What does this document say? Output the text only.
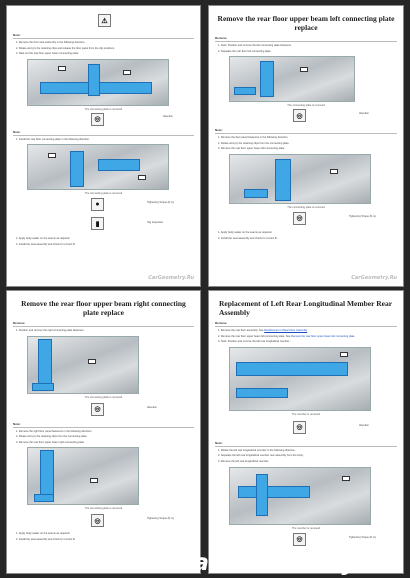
⚠
Note:
1. Remove the front seat assembly in the following direction.
2. Rotate and pry the retaining clips and release the floor panel from the clip positions.
3. Take out the rear floor upper beam connecting plate.
The connecting plate is removed
◎	Attention
Note:
1. Install the rear floor connecting plate in the following direction.
The connecting plate is removed
●	Tightening Torque (N·m)
▮	Tag Inspection
1. Apply body sealer on the seams as required.
2. Install the seat assembly and check for correct fit.
CarGeometry.Ru
Remove the rear floor upper beam left connecting plate replace
Remove
1. Start: Position and remove the left connecting plate fasteners.
2. Separate the rear floor left connecting plate.
The connecting plate is removed
◎	Attention
Note:
1. Remove the floor panel fasteners in the following direction.
2. Rotate and pry the retaining clips from the connecting plate.
3. Remove the rear floor upper beam left connecting plate.
The connecting plate is removed
◎	Tightening Torque (N·m)
1. Apply body sealer on the seams as required.
2. Install the seat assembly and check for correct fit.
CarGeometry.Ru
Remove the rear floor upper beam right connecting plate replace
Remove
1. Position and remove the right connecting plate fasteners.
The connecting plate is removed
◎	Attention
Note:
1. Remove the right floor panel fasteners in the following direction.
2. Rotate and pry the retaining clips from the connecting plate.
3. Remove the rear floor upper beam right connecting plate.
The connecting plate is removed
◎	Tightening Torque (N·m)
1. Apply body sealer on the seams as required.
2. Install the seat assembly and check for correct fit.
Replacement of Left Rear Longitudinal Member Rear Assembly
Remove
1. Remove the rear floor assembly. See Replacement of Rear Floor Assembly
2. Remove the rear floor upper beam left connecting plate. See Remove the rear floor upper beam left connecting plate
3. Start: Position and remove the left rear longitudinal member.
The member is removed
◎	Attention
Note:
1. Rotate the left rear longitudinal member in the following direction.
2. Separate the left rear longitudinal member rear assembly from the body.
3. Remove the left rear longitudinal member.
The member is removed
◎	Tightening Torque (N·m)
CarGeometry.Ru
